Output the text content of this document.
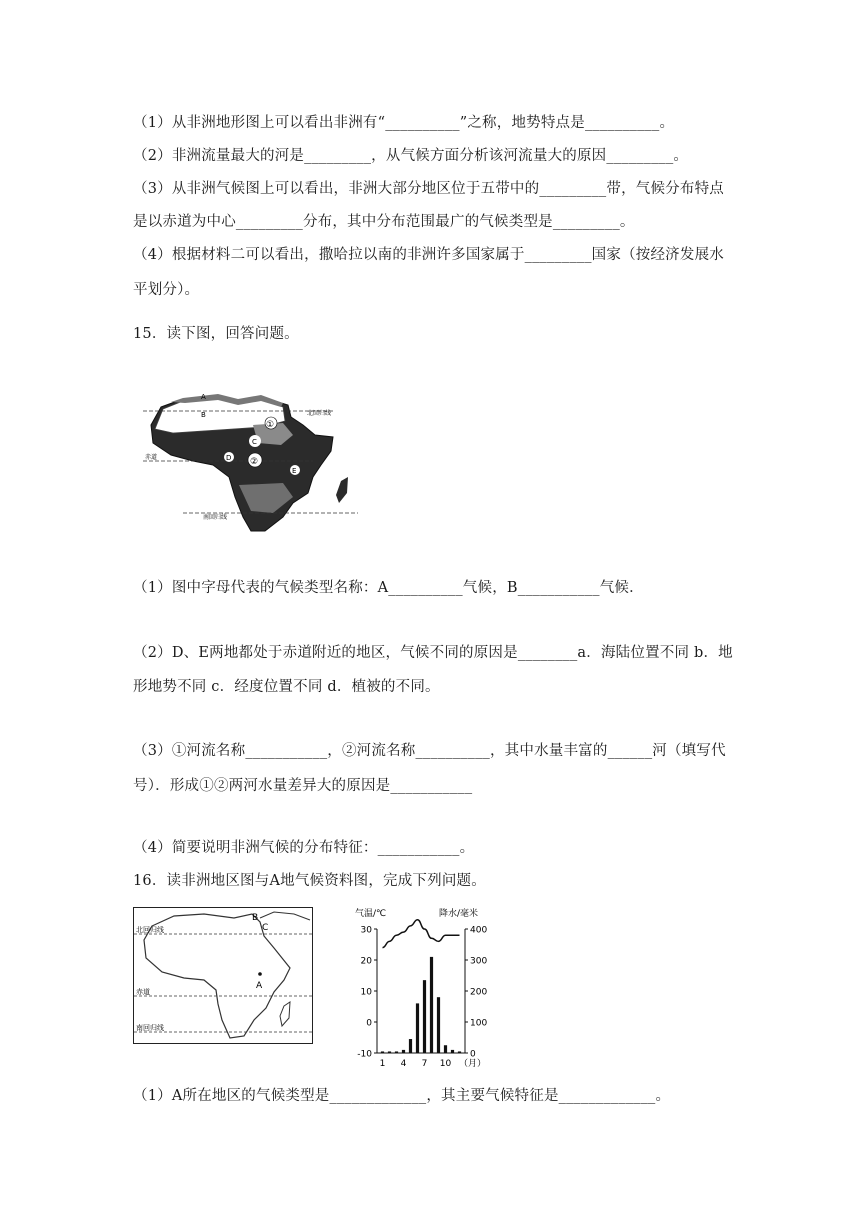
（1）从非洲地形图上可以看出非洲有“__________”之称，地势特点是__________。
（2）非洲流量最大的河是_________，从气候方面分析该河流量大的原因_________。
（3）从非洲气候图上可以看出，非洲大部分地区位于五带中的_________带，气候分布特点
是以赤道为中心_________分布，其中分布范围最广的气候类型是_________。
（4）根据材料二可以看出，撒哈拉以南的非洲许多国家属于_________国家（按经济发展水
平划分）。
15．读下图，回答问题。
A
B
C
D ②
①
E
北回归线
赤道
南回归线
（1）图中字母代表的气候类型名称：A__________气候，B___________气候．
（2）D、E两地都处于赤道附近的地区，气候不同的原因是________a．海陆位置不同 b．地
形地势不同 c．经度位置不同 d．植被的不同。
（3）①河流名称___________，②河流名称__________，其中水量丰富的______河（填写代
号）．形成①②两河水量差异大的原因是___________
（4）简要说明非洲气候的分布特征：___________。
16．读非洲地区图与A地气候资料图，完成下列问题。
北回归线
赤道
南回归线
B
C
A
气温/℃	降水/毫米
30
20
10
0
-10
400
300
200
100
0
1 4 7 10 （月）
（1）A所在地区的气候类型是_____________，其主要气候特征是_____________。
